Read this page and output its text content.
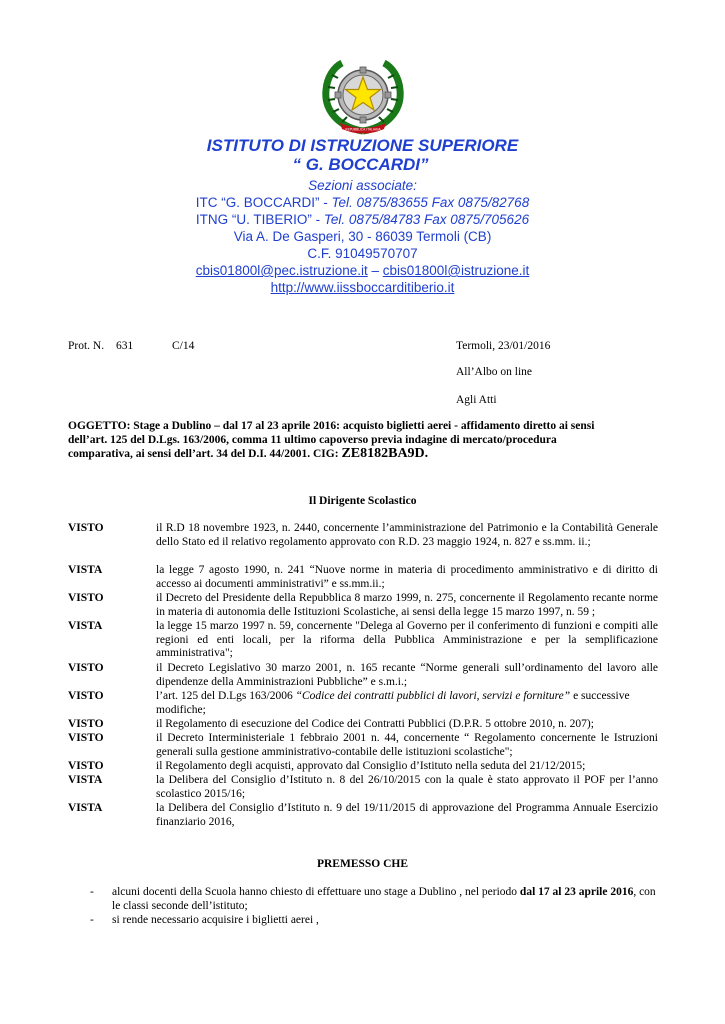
REPUBBLICA ITALIANA
ISTITUTO DI ISTRUZIONE SUPERIORE
“ G. BOCCARDI”
Sezioni associate:
ITC “G. BOCCARDI” - Tel. 0875/83655 Fax 0875/82768
ITNG “U. TIBERIO” - Tel. 0875/84783 Fax 0875/705626
Via A. De Gasperi, 30 - 86039 Termoli (CB)
C.F. 91049570707
cbis01800l@pec.istruzione.it – cbis01800l@istruzione.it
http://www.iissboccarditiberio.it
Prot. N. 631	C/14	Termoli, 23/01/2016
All’Albo on line
Agli Atti
OGGETTO: Stage a Dublino – dal 17 al 23 aprile 2016: acquisto biglietti aerei - affidamento diretto ai sensi
dell’art. 125 del D.Lgs. 163/2006, comma 11 ultimo capoverso previa indagine di mercato/procedura
comparativa, ai sensi dell’art. 34 del D.I. 44/2001. CIG: ZE8182BA9D.
Il Dirigente Scolastico
VISTO	il R.D 18 novembre 1923, n. 2440, concernente l’amministrazione del Patrimonio e la Contabilità Generale dello Stato ed il relativo regolamento approvato con R.D. 23 maggio 1924, n. 827 e ss.mm. ii.;
VISTA	la legge 7 agosto 1990, n. 241 “Nuove norme in materia di procedimento amministrativo e di diritto di accesso ai documenti amministrativi” e ss.mm.ii.;
VISTO	il Decreto del Presidente della Repubblica 8 marzo 1999, n. 275, concernente il Regolamento recante norme in materia di autonomia delle Istituzioni Scolastiche, ai sensi della legge 15 marzo 1997, n. 59 ;
VISTA	la legge 15 marzo 1997 n. 59, concernente "Delega al Governo per il conferimento di funzioni e compiti alle regioni ed enti locali, per la riforma della Pubblica Amministrazione e per la semplificazione amministrativa";
VISTO	il Decreto Legislativo 30 marzo 2001, n. 165 recante “Norme generali sull’ordinamento del lavoro alle dipendenze della Amministrazioni Pubbliche” e s.m.i.;
VISTO	l’art. 125 del D.Lgs 163/2006 “Codice dei contratti pubblici di lavori, servizi e forniture” e successive modifiche;
VISTO	il Regolamento di esecuzione del Codice dei Contratti Pubblici (D.P.R. 5 ottobre 2010, n. 207);
VISTO	il Decreto Interministeriale 1 febbraio 2001 n. 44, concernente “ Regolamento concernente le Istruzioni generali sulla gestione amministrativo-contabile delle istituzioni scolastiche";
VISTO	il Regolamento degli acquisti, approvato dal Consiglio d’Istituto nella seduta del 21/12/2015;
VISTA	la Delibera del Consiglio d’Istituto n. 8 del 26/10/2015 con la quale è stato approvato il POF per l’anno scolastico 2015/16;
VISTA	la Delibera del Consiglio d’Istituto n. 9 del 19/11/2015 di approvazione del Programma Annuale Esercizio finanziario 2016,
PREMESSO CHE
- alcuni docenti della Scuola hanno chiesto di effettuare uno stage a Dublino , nel periodo dal 17 al 23 aprile 2016, con le classi seconde dell’istituto;
- si rende necessario acquisire i biglietti aerei ,
